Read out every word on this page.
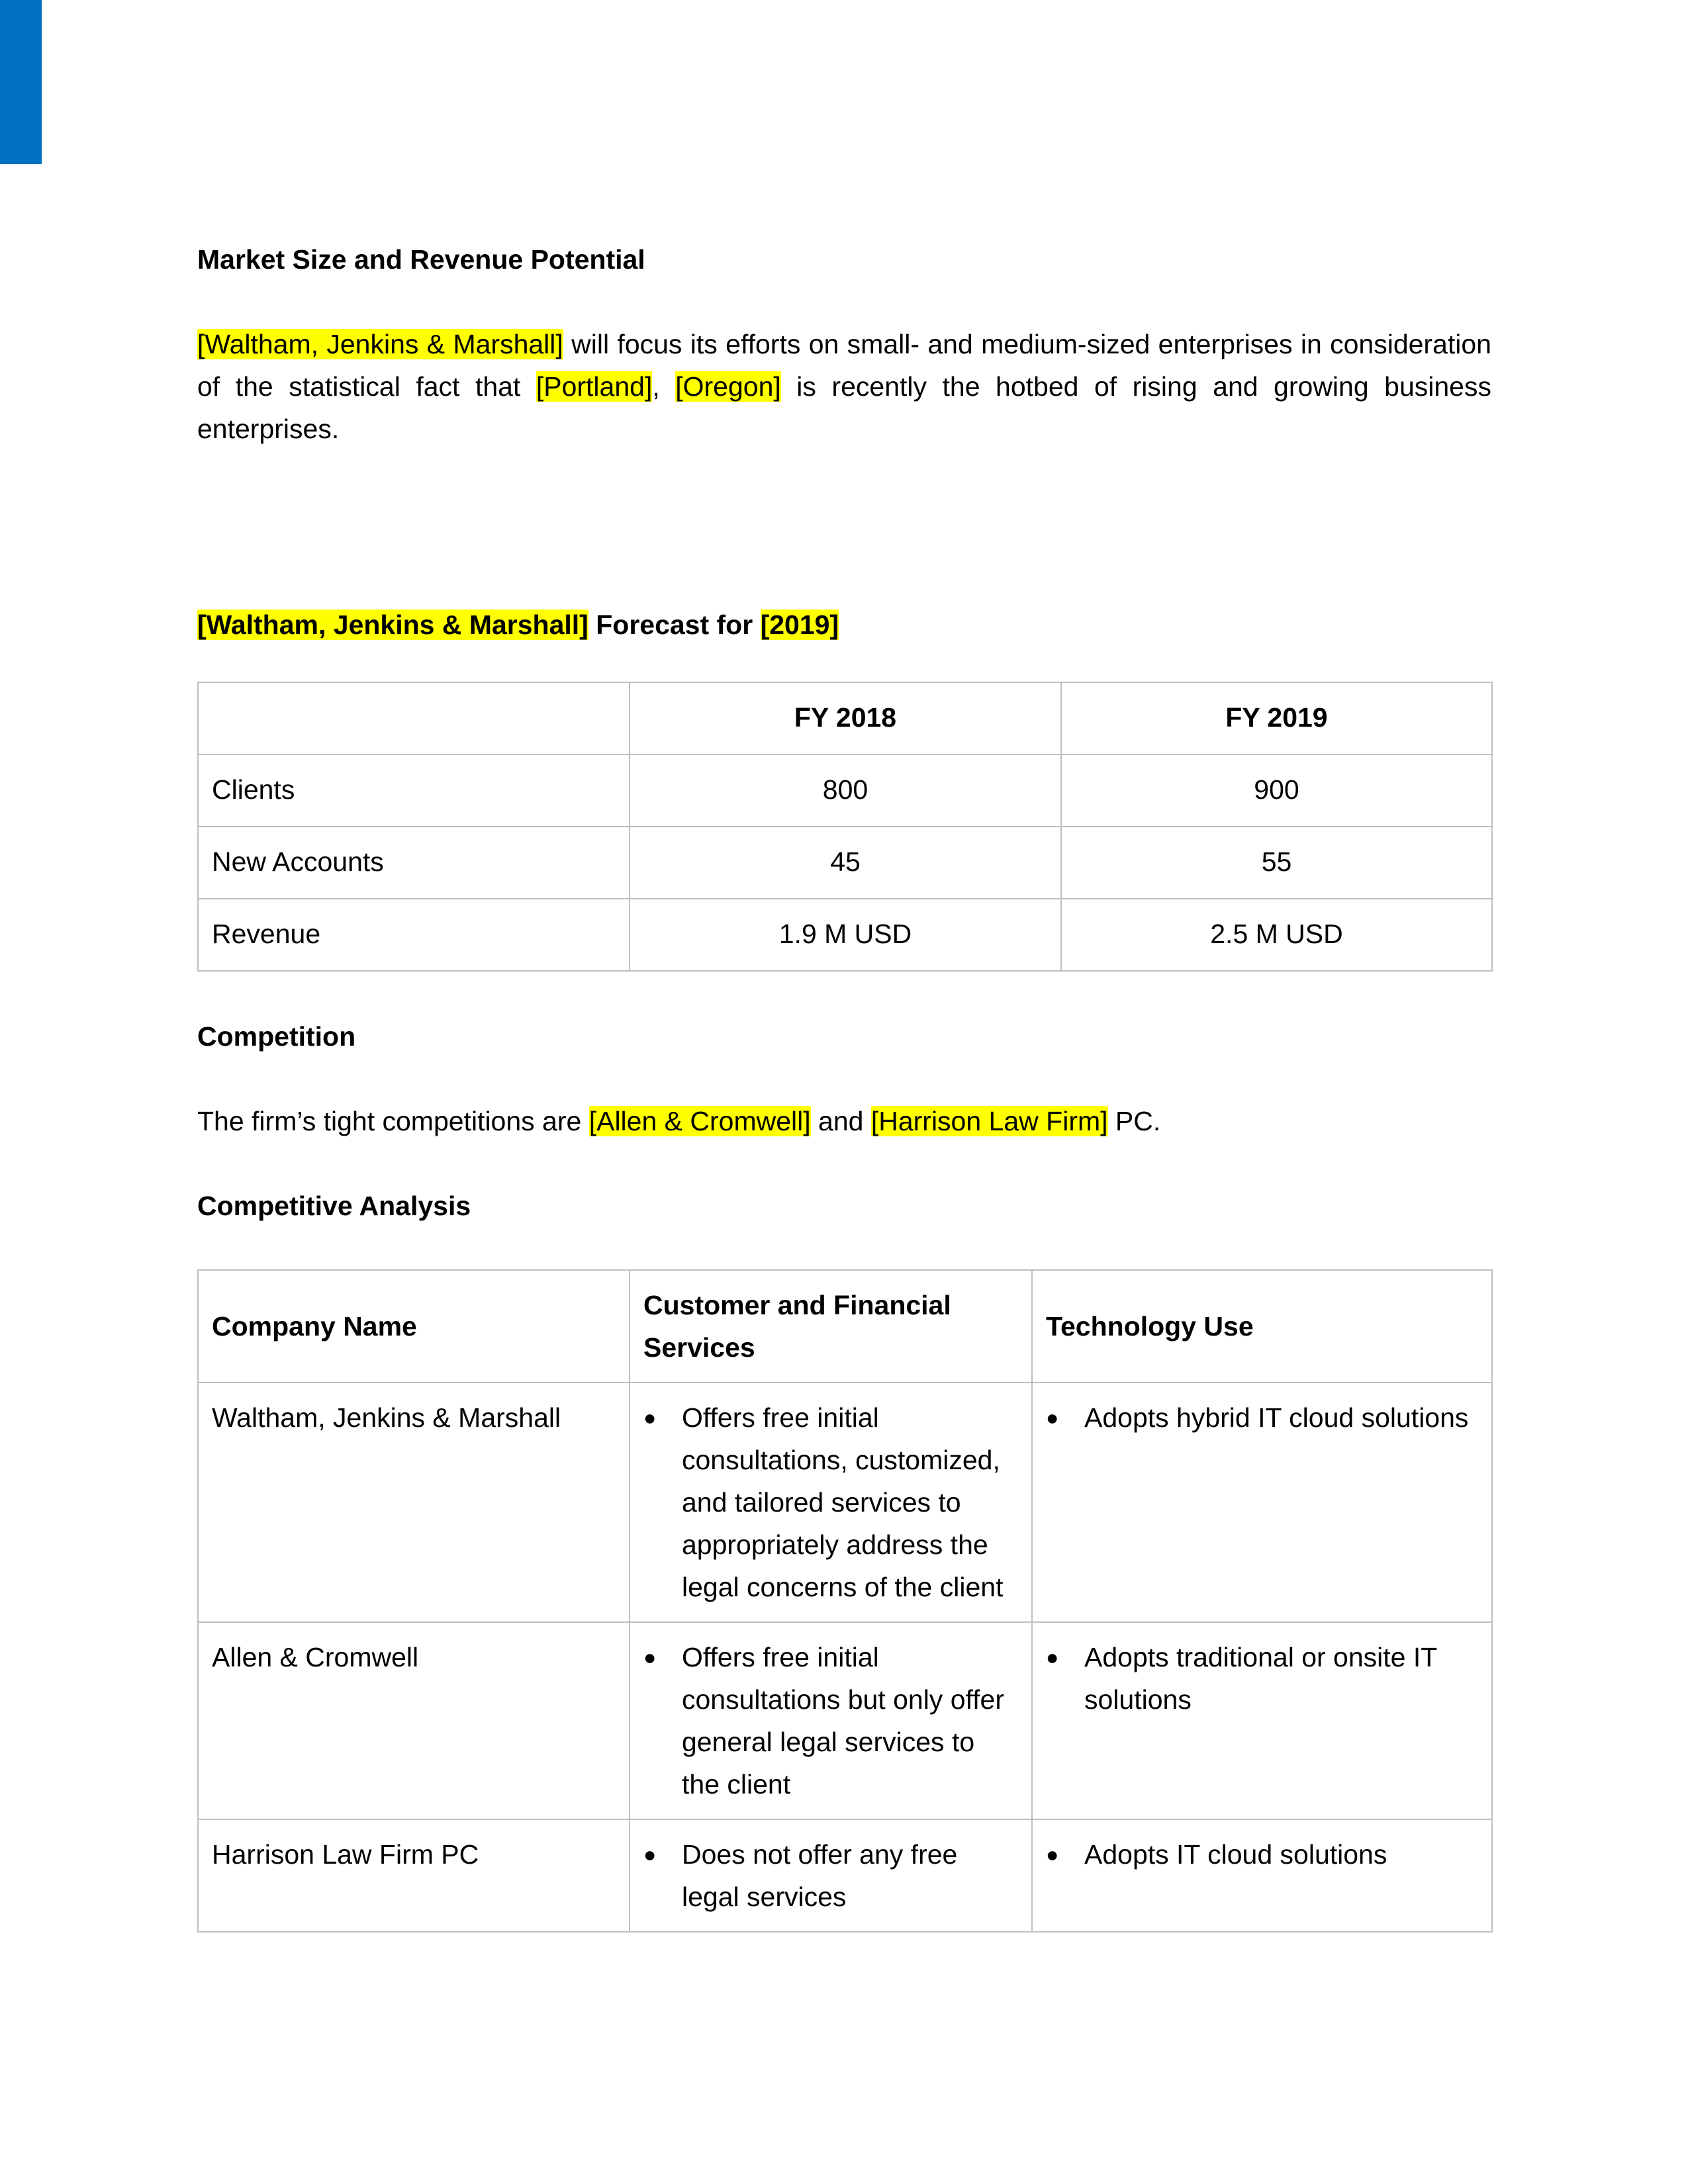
Market Size and Revenue Potential

[Waltham, Jenkins & Marshall] will focus its efforts on small- and medium-sized enterprises in consideration of the statistical fact that [Portland], [Oregon] is recently the hotbed of rising and growing business enterprises.

[Waltham, Jenkins & Marshall] Forecast for [2019]

	FY 2018	FY 2019
Clients	800	900
New Accounts	45	55
Revenue	1.9 M USD	2.5 M USD

Competition

The firm’s tight competitions are [Allen & Cromwell] and [Harrison Law Firm] PC.

Competitive Analysis

Company Name	Customer and Financial Services	Technology Use
Waltham, Jenkins & Marshall	● Offers free initial consultations, customized, and tailored services to appropriately address the legal concerns of the client	● Adopts hybrid IT cloud solutions

Allen & Cromwell	● Offers free initial consultations but only offer general legal services to the client	● Adopts traditional or onsite IT solutions

Harrison Law Firm PC	● Does not offer any free legal services	● Adopts IT cloud solutions
